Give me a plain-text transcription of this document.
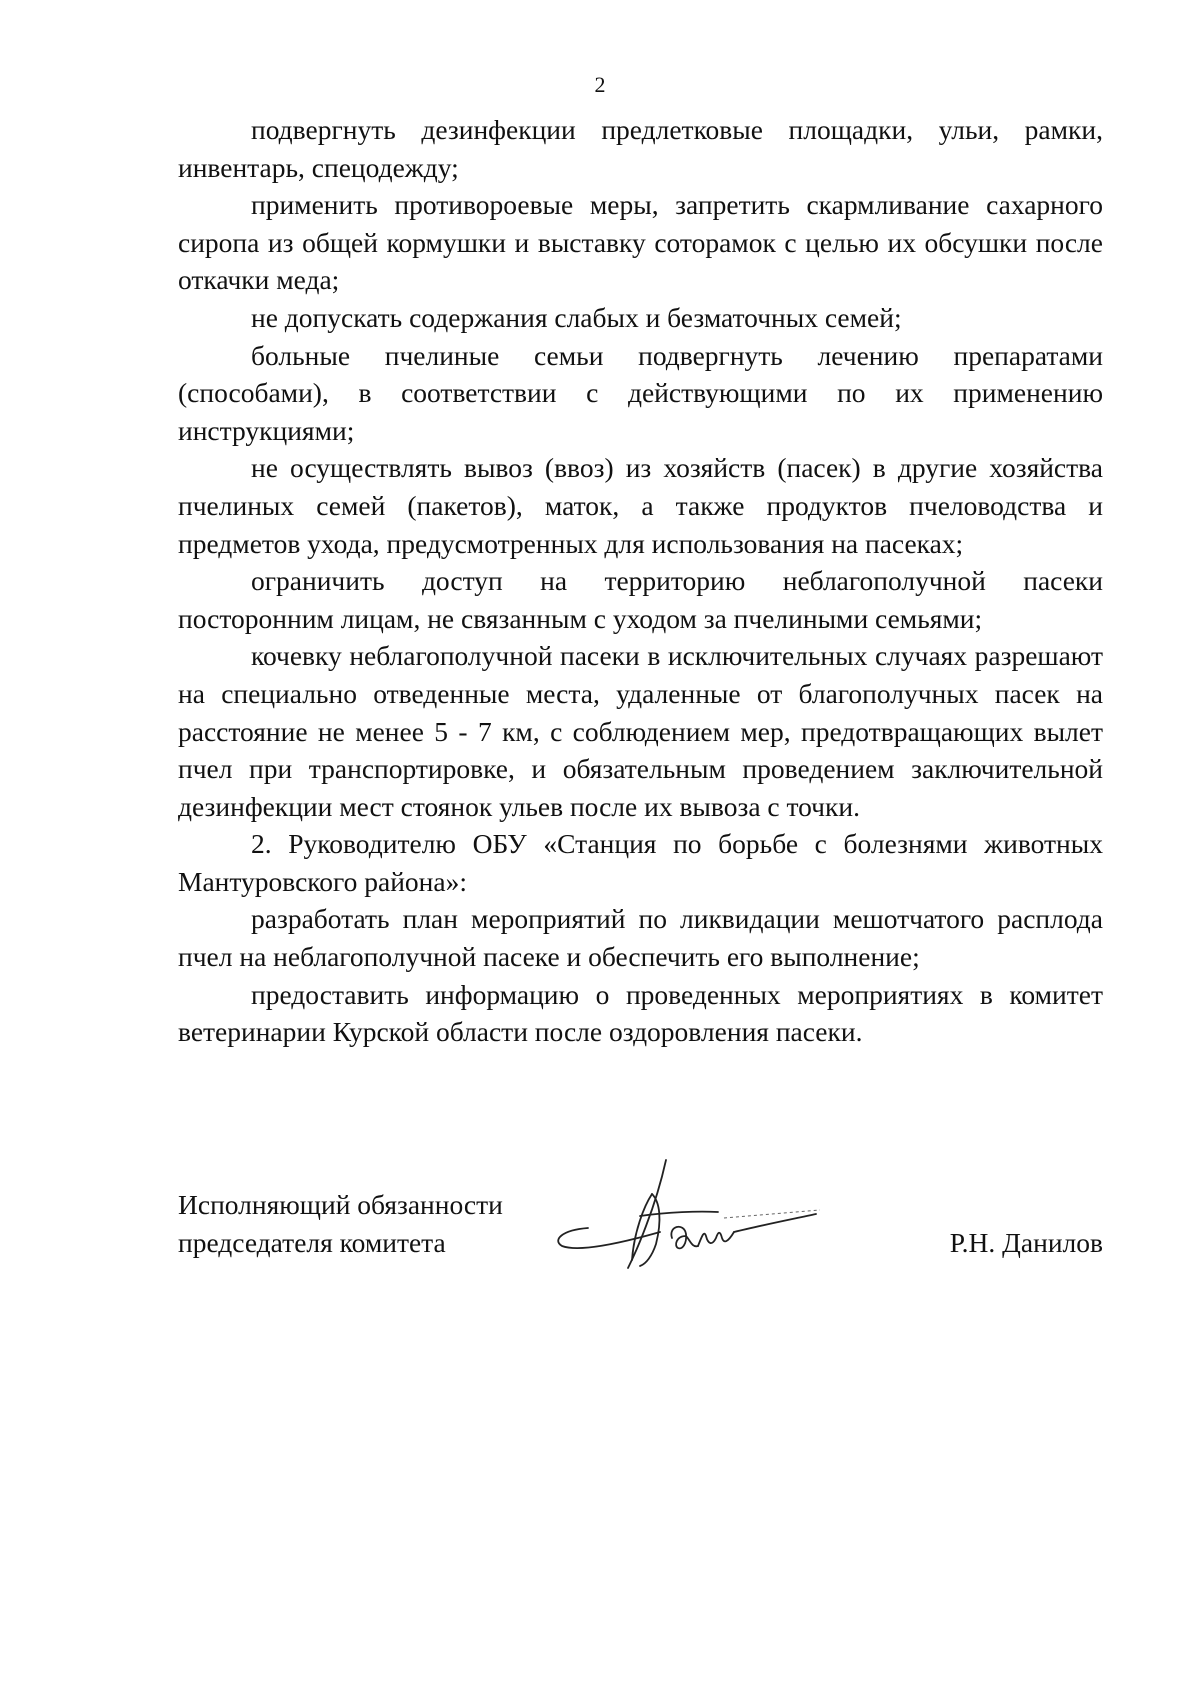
2

подвергнуть дезинфекции предлетковые площадки, ульи, рамки, инвентарь, спецодежду;

применить противороевые меры, запретить скармливание сахарного сиропа из общей кормушки и выставку соторамок с целью их обсушки после откачки меда;

не допускать содержания слабых и безматочных семей;

больные пчелиные семьи подвергнуть лечению препаратами (способами), в соответствии с действующими по их применению инструкциями;

не осуществлять вывоз (ввоз) из хозяйств (пасек) в другие хозяйства пчелиных семей (пакетов), маток, а также продуктов пчеловодства и предметов ухода, предусмотренных для использования на пасеках;

ограничить доступ на территорию неблагополучной пасеки посторонним лицам, не связанным с уходом за пчелиными семьями;

кочевку неблагополучной пасеки в исключительных случаях разрешают на специально отведенные места, удаленные от благополучных пасек на расстояние не менее 5 - 7 км, с соблюдением мер, предотвращающих вылет пчел при транспортировке, и обязательным проведением заключительной дезинфекции мест стоянок ульев после их вывоза с точки.

2. Руководителю ОБУ «Станция по борьбе с болезнями животных Мантуровского района»:

разработать план мероприятий по ликвидации мешотчатого расплода пчел на неблагополучной пасеке и обеспечить его выполнение;

предоставить информацию о проведенных мероприятиях в комитет ветеринарии Курской области после оздоровления пасеки.

Исполняющий обязанности
председателя комитета	Р.Н. Данилов
